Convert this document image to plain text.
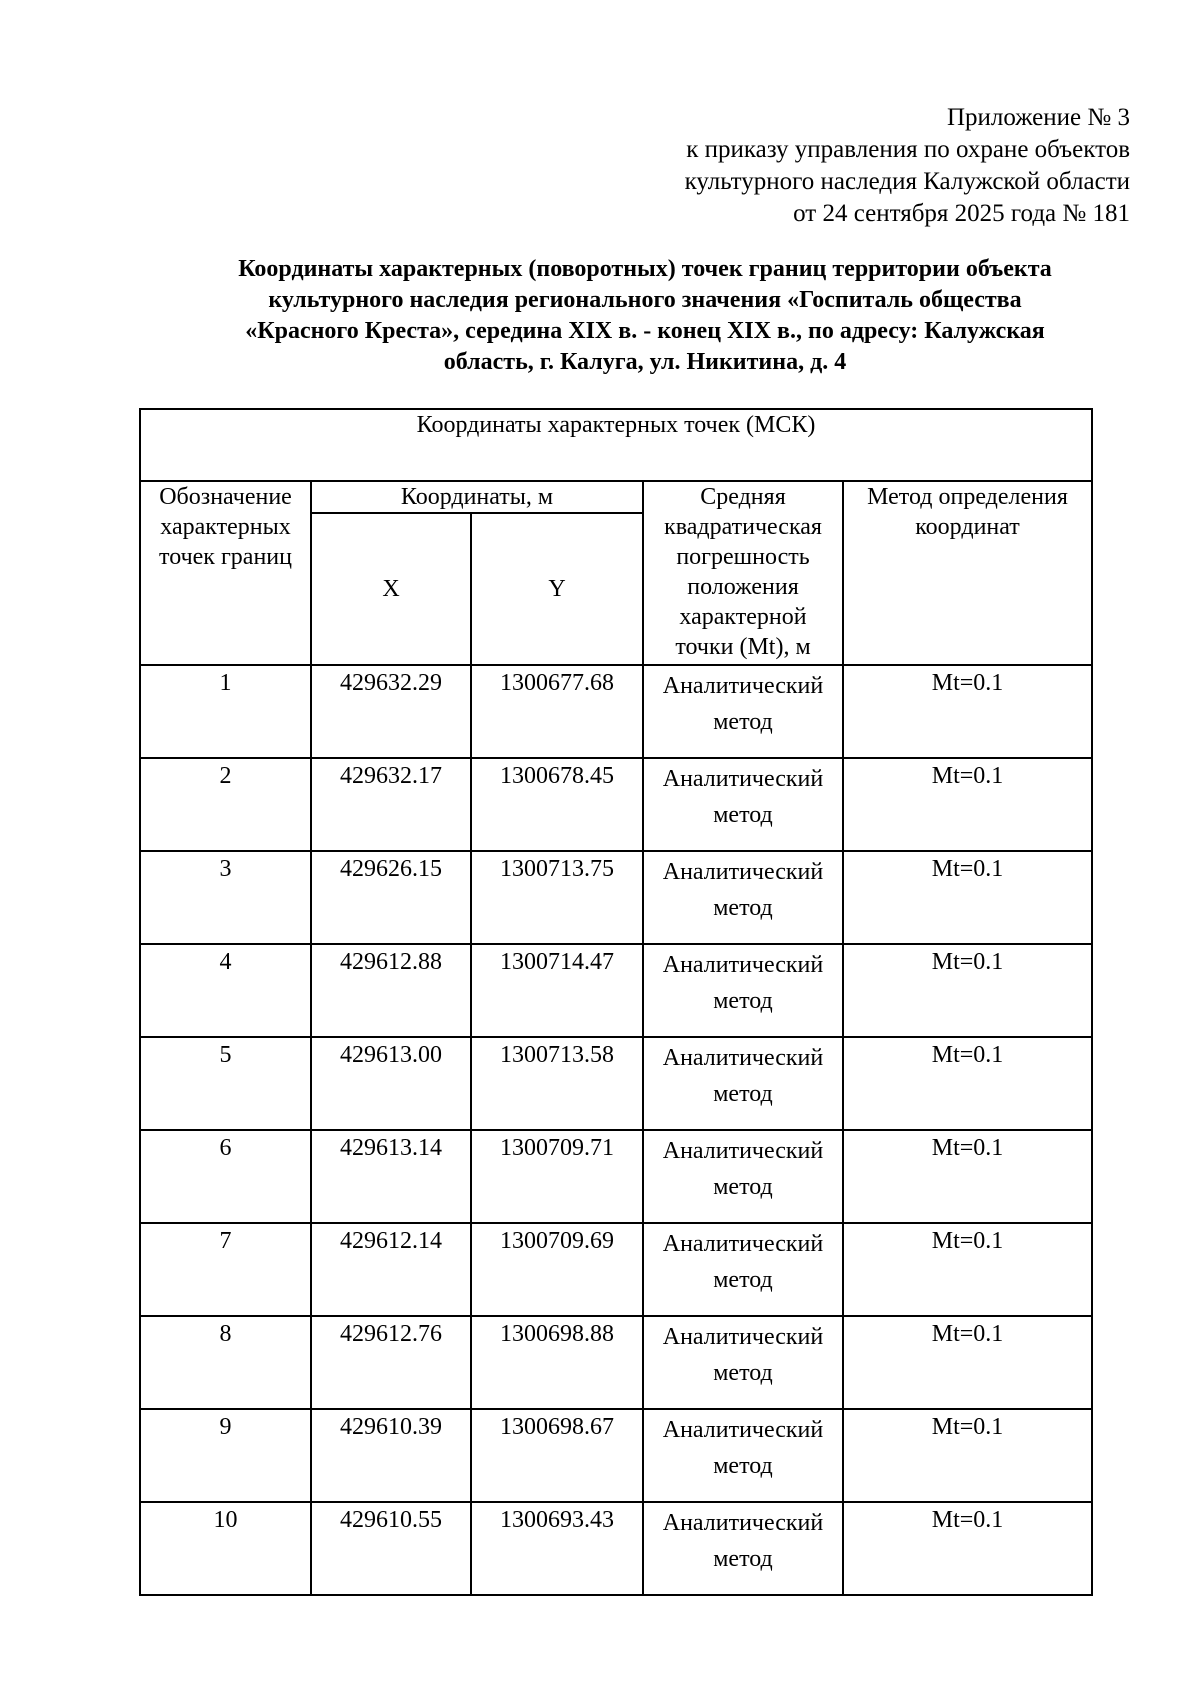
Приложение № 3
к приказу управления по охране объектов
культурного наследия Калужской области
от 24 сентября 2025 года № 181
Координаты характерных (поворотных) точек границ территории объекта
культурного наследия регионального значения «Госпиталь общества
«Красного Креста», середина XIX в. - конец XIX в., по адресу: Калужская
область, г. Калуга, ул. Никитина, д. 4
Координаты характерных точек (МСК)				
Обозначение характерных точек границ	Координаты, м		Средняя квадратическая погрешность положения характерной точки (Mt), м	Метод определения координат
	X	Y		
1	429632.29	1300677.68	Аналитический метод	Mt=0.1
2	429632.17	1300678.45	Аналитический метод	Mt=0.1
3	429626.15	1300713.75	Аналитический метод	Mt=0.1
4	429612.88	1300714.47	Аналитический метод	Mt=0.1
5	429613.00	1300713.58	Аналитический метод	Mt=0.1
6	429613.14	1300709.71	Аналитический метод	Mt=0.1
7	429612.14	1300709.69	Аналитический метод	Mt=0.1
8	429612.76	1300698.88	Аналитический метод	Mt=0.1
9	429610.39	1300698.67	Аналитический метод	Mt=0.1
10	429610.55	1300693.43	Аналитический метод	Mt=0.1
